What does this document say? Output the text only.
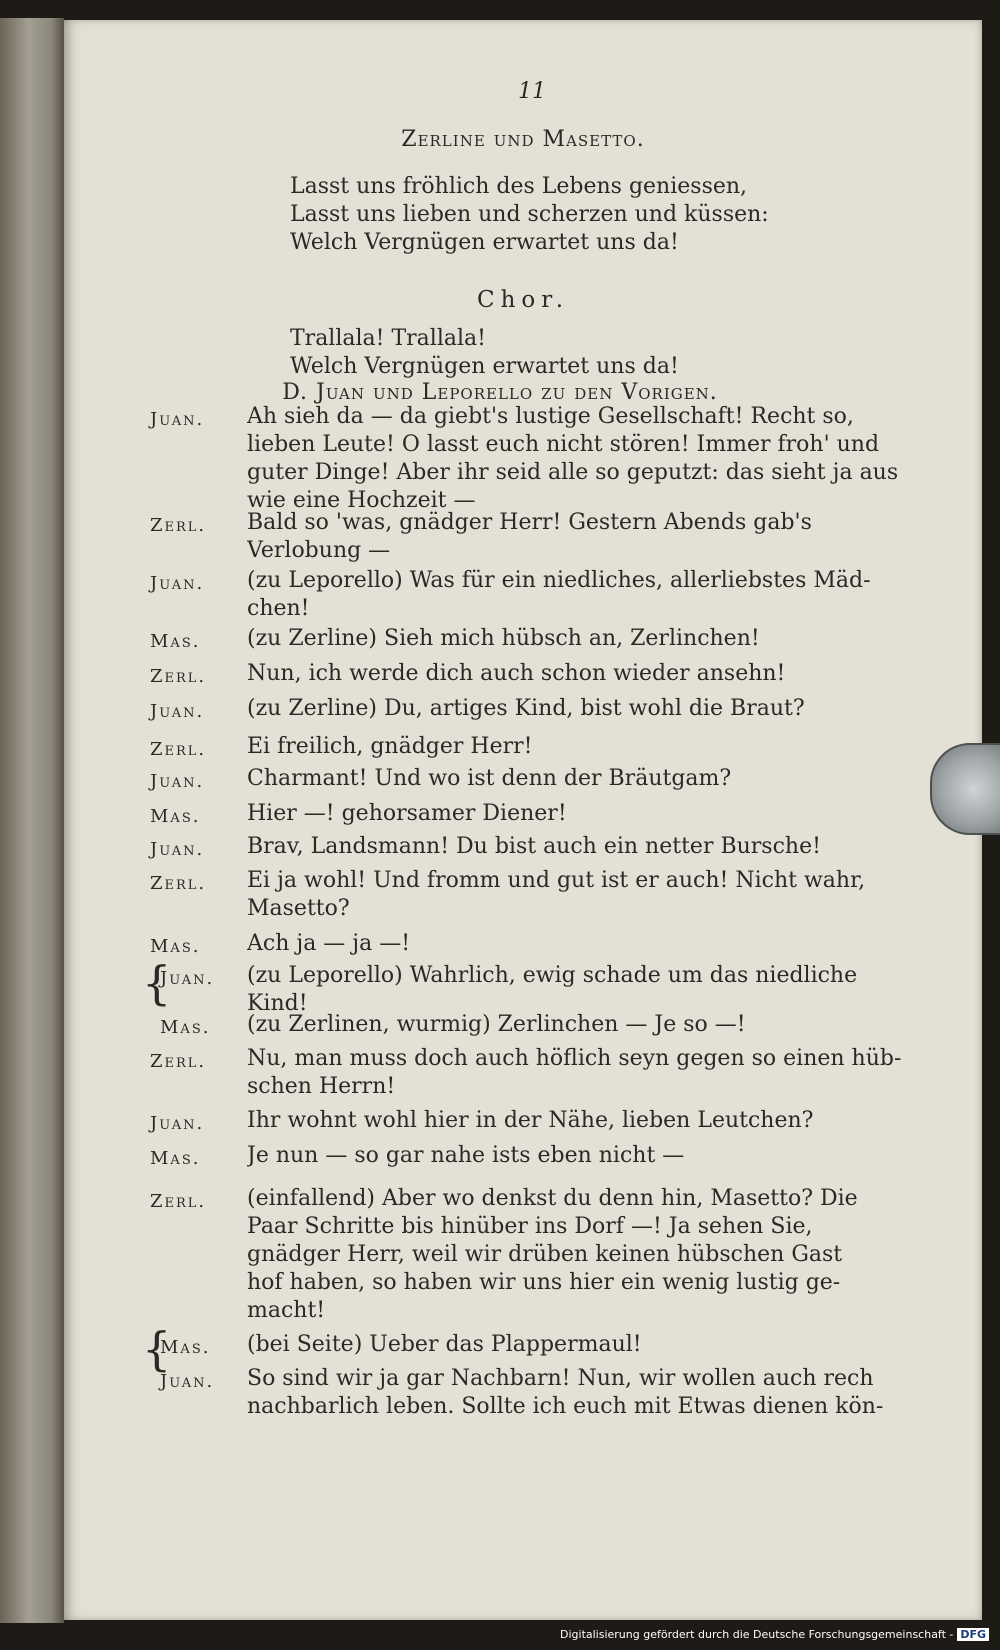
11
Zerline und Masetto.
Lasst uns fröhlich des Lebens geniessen,
Lasst uns lieben und scherzen und küssen:
Welch Vergnügen erwartet uns da!
Chor.
Trallala! Trallala!
Welch Vergnügen erwartet uns da!
D. Juan und Leporello zu den Vorigen.
Juan. Ah sieh da — da giebt's lustige Gesellschaft! Recht so,
lieben Leute! O lasst euch nicht stören! Immer froh' und
guter Dinge! Aber ihr seid alle so geputzt: das sieht ja aus
wie eine Hochzeit —
Zerl. Bald so 'was, gnädger Herr! Gestern Abends gab's
Verlobung —
Juan. (zu Leporello) Was für ein niedliches, allerliebstes Mäd-
chen!
Mas. (zu Zerline) Sieh mich hübsch an, Zerlinchen!
Zerl. Nun, ich werde dich auch schon wieder ansehn!
Juan. (zu Zerline) Du, artiges Kind, bist wohl die Braut?
Zerl. Ei freilich, gnädger Herr!
Juan. Charmant! Und wo ist denn der Bräutgam?
Mas. Hier —! gehorsamer Diener!
Juan. Brav, Landsmann! Du bist auch ein netter Bursche!
Zerl. Ei ja wohl! Und fromm und gut ist er auch! Nicht wahr,
Masetto?
Mas. Ach ja — ja —!
Juan. (zu Leporello) Wahrlich, ewig schade um das niedliche
Kind!
Mas. (zu Zerlinen, wurmig) Zerlinchen — Je so —!
Zerl. Nu, man muss doch auch höflich seyn gegen so einen hüb-
schen Herrn!
Juan. Ihr wohnt wohl hier in der Nähe, lieben Leutchen?
Mas. Je nun — so gar nahe ists eben nicht —
Zerl. (einfallend) Aber wo denkst du denn hin, Masetto? Die
Paar Schritte bis hinüber ins Dorf —! Ja sehen Sie,
gnädger Herr, weil wir drüben keinen hübschen Gast
hof haben, so haben wir uns hier ein wenig lustig ge-
macht!
Mas. (bei Seite) Ueber das Plappermaul!
Juan. So sind wir ja gar Nachbarn! Nun, wir wollen auch rech
nachbarlich leben. Sollte ich euch mit Etwas dienen kön-
{
{
Digitalisierung gefördert durch die Deutsche Forschungsgemeinschaft - DFG
